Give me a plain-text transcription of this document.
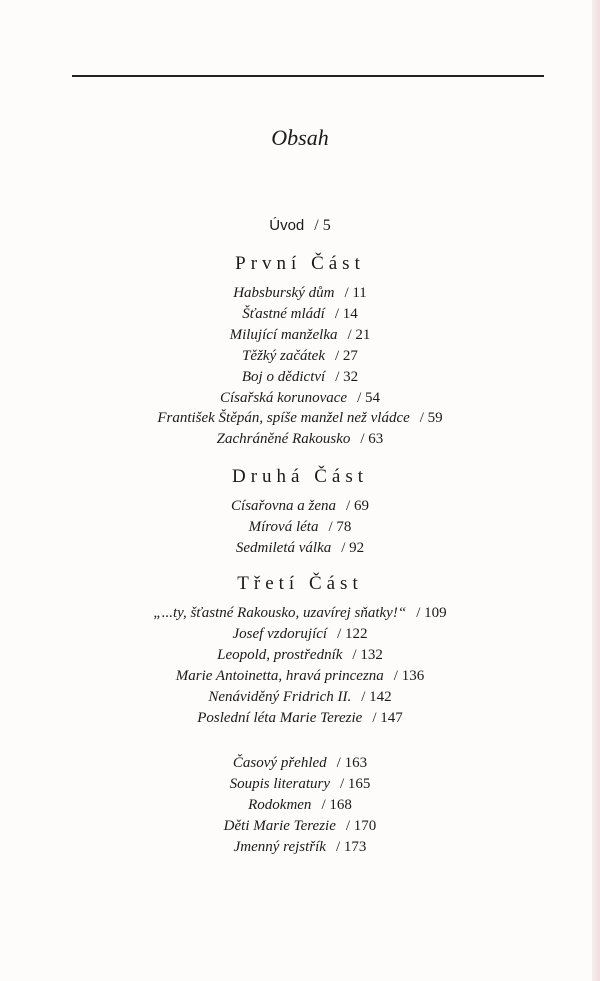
Obsah
Úvod / 5
První Část
Habsburský dům / 11
Šťastné mládí / 14
Milující manželka / 21
Těžký začátek / 27
Boj o dědictví / 32
Císařská korunovace / 54
František Štěpán, spíše manžel než vládce / 59
Zachráněné Rakousko / 63
Druhá Část
Císařovna a žena / 69
Mírová léta / 78
Sedmiletá válka / 92
Třetí Část
„...ty, šťastné Rakousko, uzavírej sňatky!“ / 109
Josef vzdorující / 122
Leopold, prostředník / 132
Marie Antoinetta, hravá princezna / 136
Nenáviděný Fridrich II. / 142
Poslední léta Marie Terezie / 147
Časový přehled / 163
Soupis literatury / 165
Rodokmen / 168
Děti Marie Terezie / 170
Jmenný rejstřík / 173
